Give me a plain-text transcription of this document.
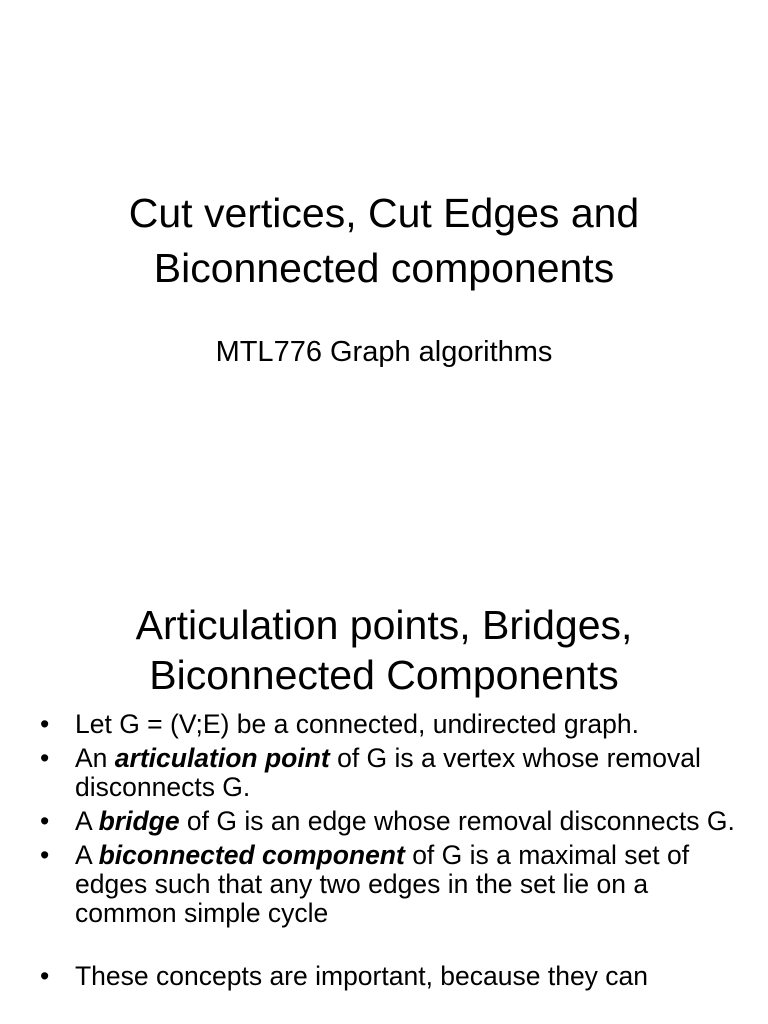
Cut vertices, Cut Edges and
Biconnected components

MTL776 Graph algorithms

Articulation points, Bridges,
Biconnected Components
• Let G = (V;E) be a connected, undirected graph.
• An articulation point of G is a vertex whose removal disconnects G.
• A bridge of G is an edge whose removal disconnects G.
• A biconnected component of G is a maximal set of edges such that any two edges in the set lie on a common simple cycle
• These concepts are important, because they can
